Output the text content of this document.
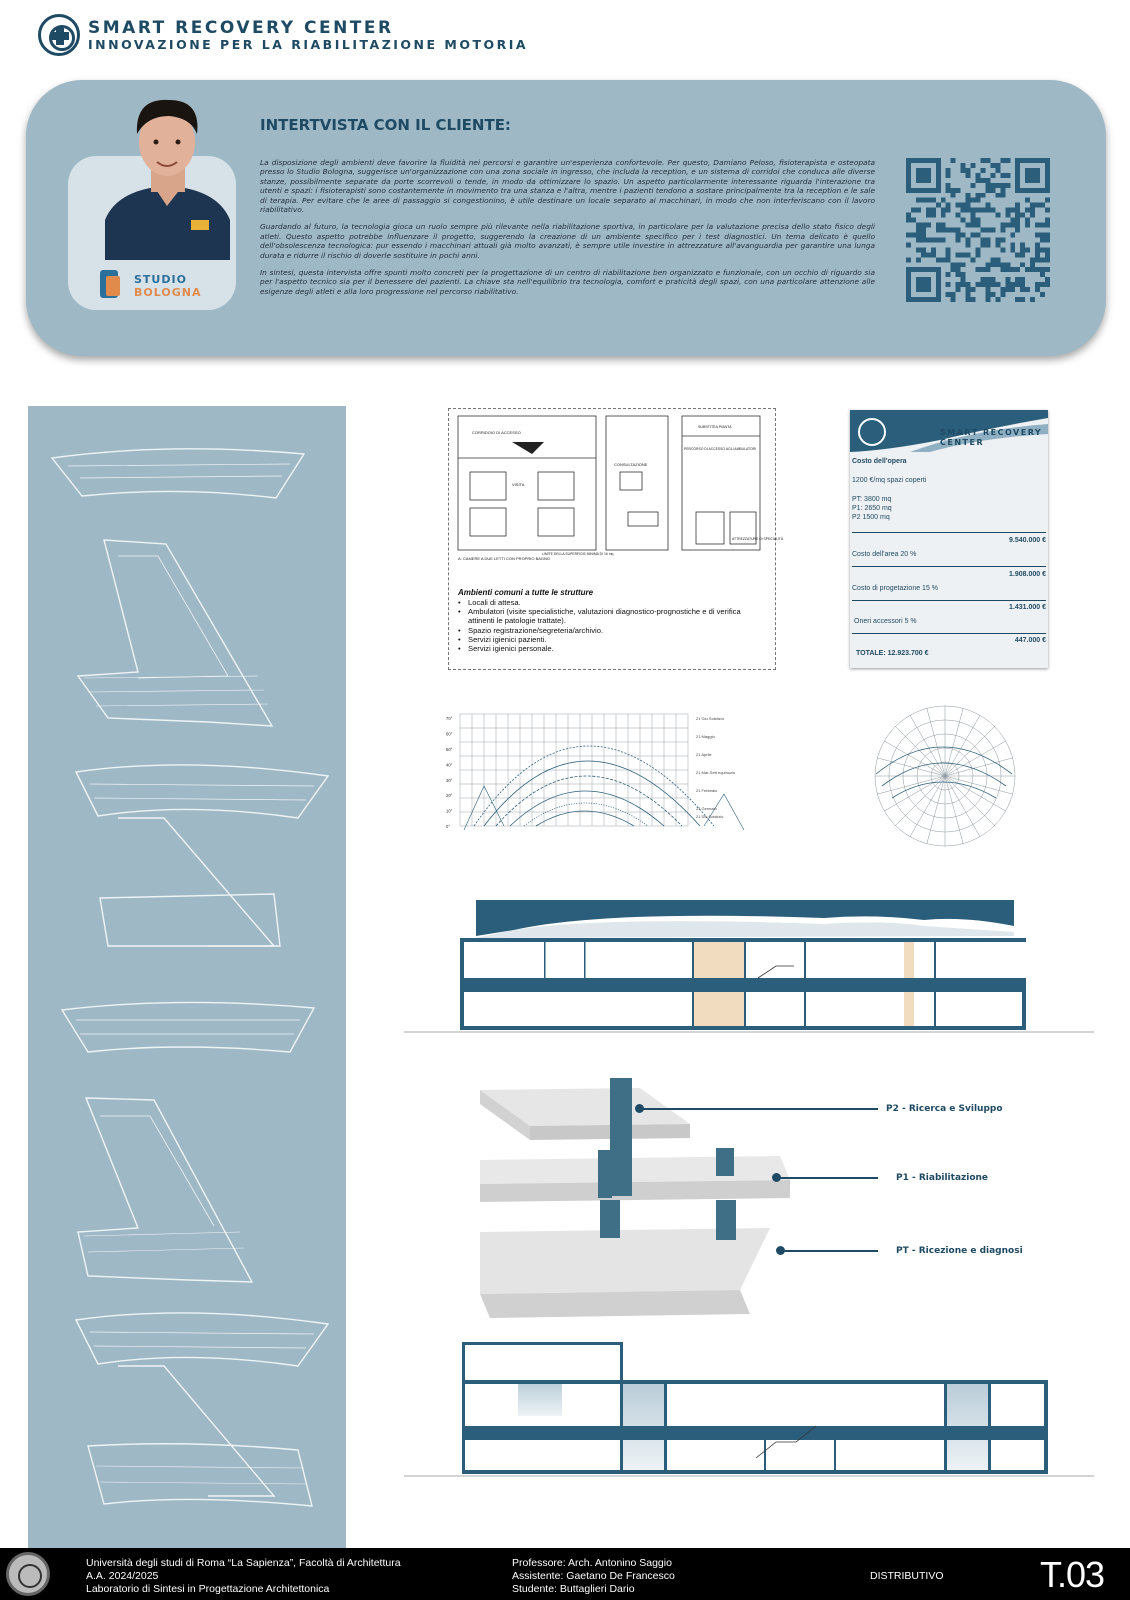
SMART RECOVERY CENTER
INNOVAZIONE PER LA RIABILITAZIONE MOTORIA
STUDIO
BOLOGNA
INTERTVISTA CON IL CLIENTE:

La disposizione degli ambienti deve favorire la fluidità nei percorsi e garantire un'esperienza confortevole. Per questo, Damiano Peloso, fisioterapista e osteopata presso lo Studio Bologna, suggerisce un'organizzazione con una zona sociale in ingresso, che includa la reception, e un sistema di corridoi che conduca alle diverse stanze, possibilmente separate da porte scorrevoli o tende, in modo da ottimizzare lo spazio. Un aspetto particolarmente interessante riguarda l'interazione tra utenti e spazi: i fisioterapisti sono costantemente in movimento tra una stanza e l'altra, mentre i pazienti tendono a sostare principalmente tra la reception e le sale di terapia. Per evitare che le aree di passaggio si congestionino, è utile destinare un locale separato ai macchinari, in modo che non interferiscano con il lavoro riabilitativo.

Guardando al futuro, la tecnologia gioca un ruolo sempre più rilevante nella riabilitazione sportiva, in particolare per la valutazione precisa dello stato fisico degli atleti. Questo aspetto potrebbe influenzare il progetto, suggerendo la creazione di un ambiente specifico per i test diagnostici. Un tema delicato è quello dell'obsolescenza tecnologica: pur essendo i macchinari attuali già molto avanzati, è sempre utile investire in attrezzature all'avanguardia per garantire una lunga durata e ridurre il rischio di doverle sostituire in pochi anni.

In sintesi, questa intervista offre spunti molto concreti per la progettazione di un centro di riabilitazione ben organizzato e funzionale, con un occhio di riguardo sia per l'aspetto tecnico sia per il benessere dei pazienti. La chiave sta nell'equilibrio tra tecnologia, comfort e praticità degli spazi, con una particolare attenzione alle esigenze degli atleti e alla loro progressione nel percorso riabilitativo.

CORRIDOIO DI ACCESSO
CONSULTAZIONE
VISITA
SUBSTITEA PIANTA
PERCORSO DI ACCESSO AGLI AMBULATORI
ATTREZZATURE DI SPECIALITÀ
A: CAMERE A DUE LETTI CON PROPRIO BAGNO
LIMITE DELLA SUPERFICIE MINIMA DI 16 mq
Ambienti comuni a tutte le strutture
• Locali di attesa.
• Ambulatori (visite specialistiche, valutazioni diagnostico-prognostiche e di verifica attinenti le patologie trattate).
• Spazio registrazione/segreteria/archivio.
• Servizi igienici pazienti.
• Servizi igienici personale.
SMART RECOVERY
CENTER
Costo dell'opera
1200 €/mq spazi coperti
PT: 3800 mq
P1: 2650 mq
P2 1500 mq
9.540.000 €
Costo dell'area 20 %
1.908.000 €
Costo di progetazione 15 %
1.431.000 €
Oneri accessori 5 %
447.000 €
TOTALE: 12.923.700 €
0°
10°
20°
30°
40°
50°
60°
70°	21 Giu Solstizio
21 Maggio
21 Aprile
21 Mar-Sett equinozio
21 Febbraio
21 Gennaio
21 Dic Solstizio
P2 - Ricerca e Sviluppo
P1 - Riabilitazione
PT - Ricezione e diagnosi
Università degli studi di Roma “La Sapienza”, Facoltà di Architettura
A.A. 2024/2025
Laboratorio di Sintesi in Progettazione Architettonica
Professore: Arch. Antonino Saggio
Assistente: Gaetano De Francesco
Studente: Buttaglieri Dario
DISTRIBUTIVO	T.03
